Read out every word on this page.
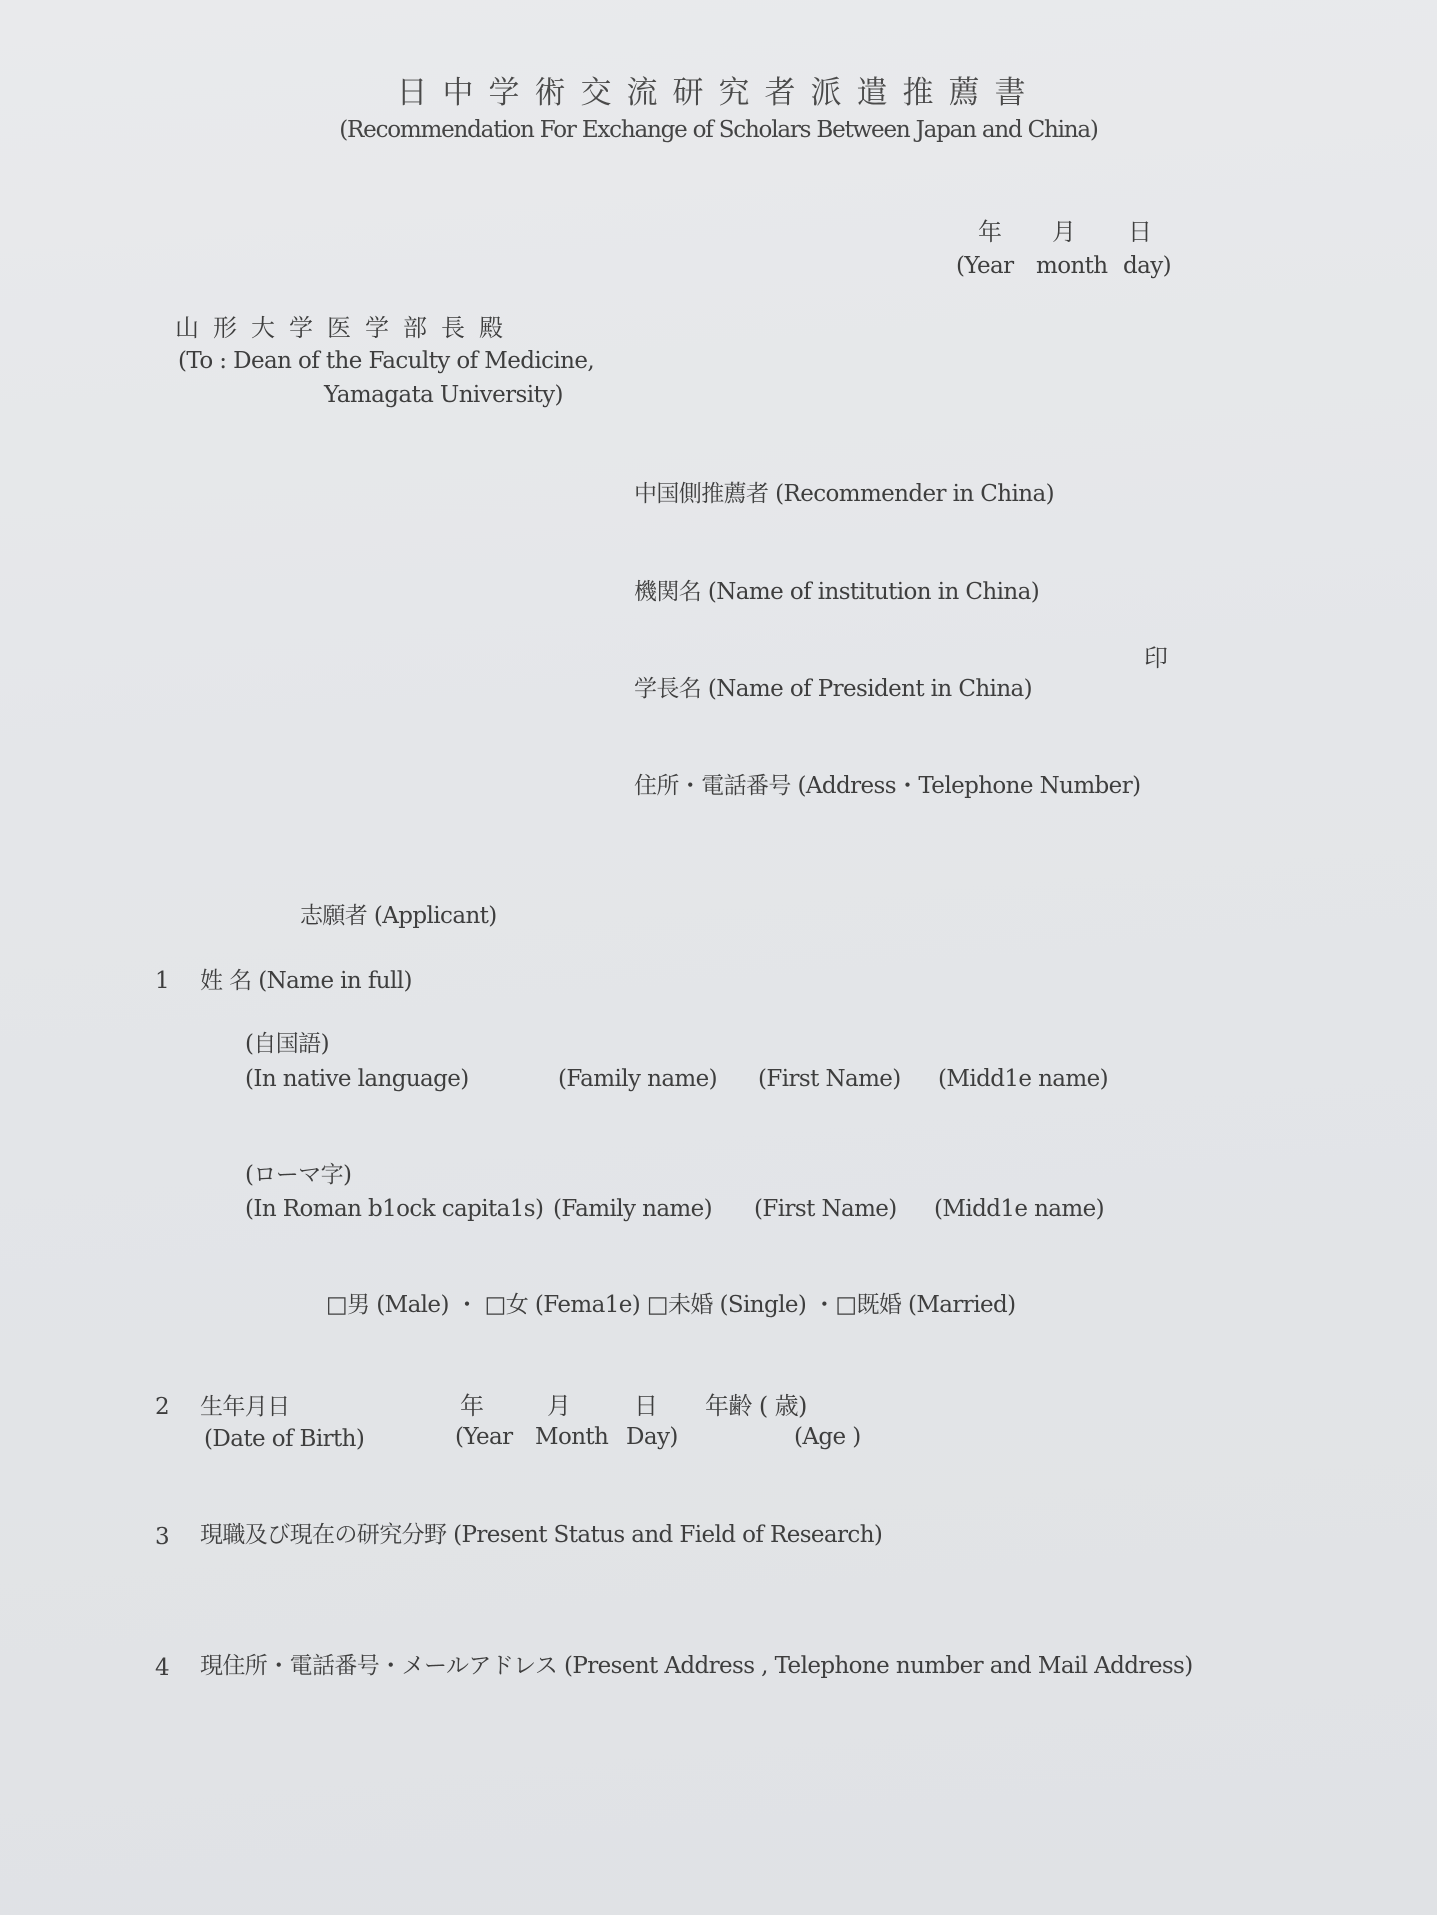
日中学術交流研究者派遣推薦書
(Recommendation For Exchange of Scholars Between Japan and China)
年 月 日
(Year month day)
山形大学医学部長殿
(To : Dean of the Faculty of Medicine,
Yamagata University)
中国側推薦者 (Recommender in China)
機関名 (Name of institution in China)
印
学長名 (Name of President in China)
住所・電話番号 (Address・Telephone Number)
志願者 (Applicant)
1 姓 名 (Name in full)
(自国語)
(In native language)	(Family name) (First Name) (Midd1e name)
(ローマ字)
(In Roman b1ock capita1s) (Family name) (First Name) (Midd1e name)
□男 (Male) ・ □女 (Fema1e) □未婚 (Single) ・□既婚 (Married)
2 生年月日
(Date of Birth)
年	月	日 年齢 ( 歳)
(Year Month Day)	(Age )
3 現職及び現在の研究分野 (Present Status and Field of Research)
4 現住所・電話番号・メールアドレス (Present Address , Telephone number and Mail Address)
